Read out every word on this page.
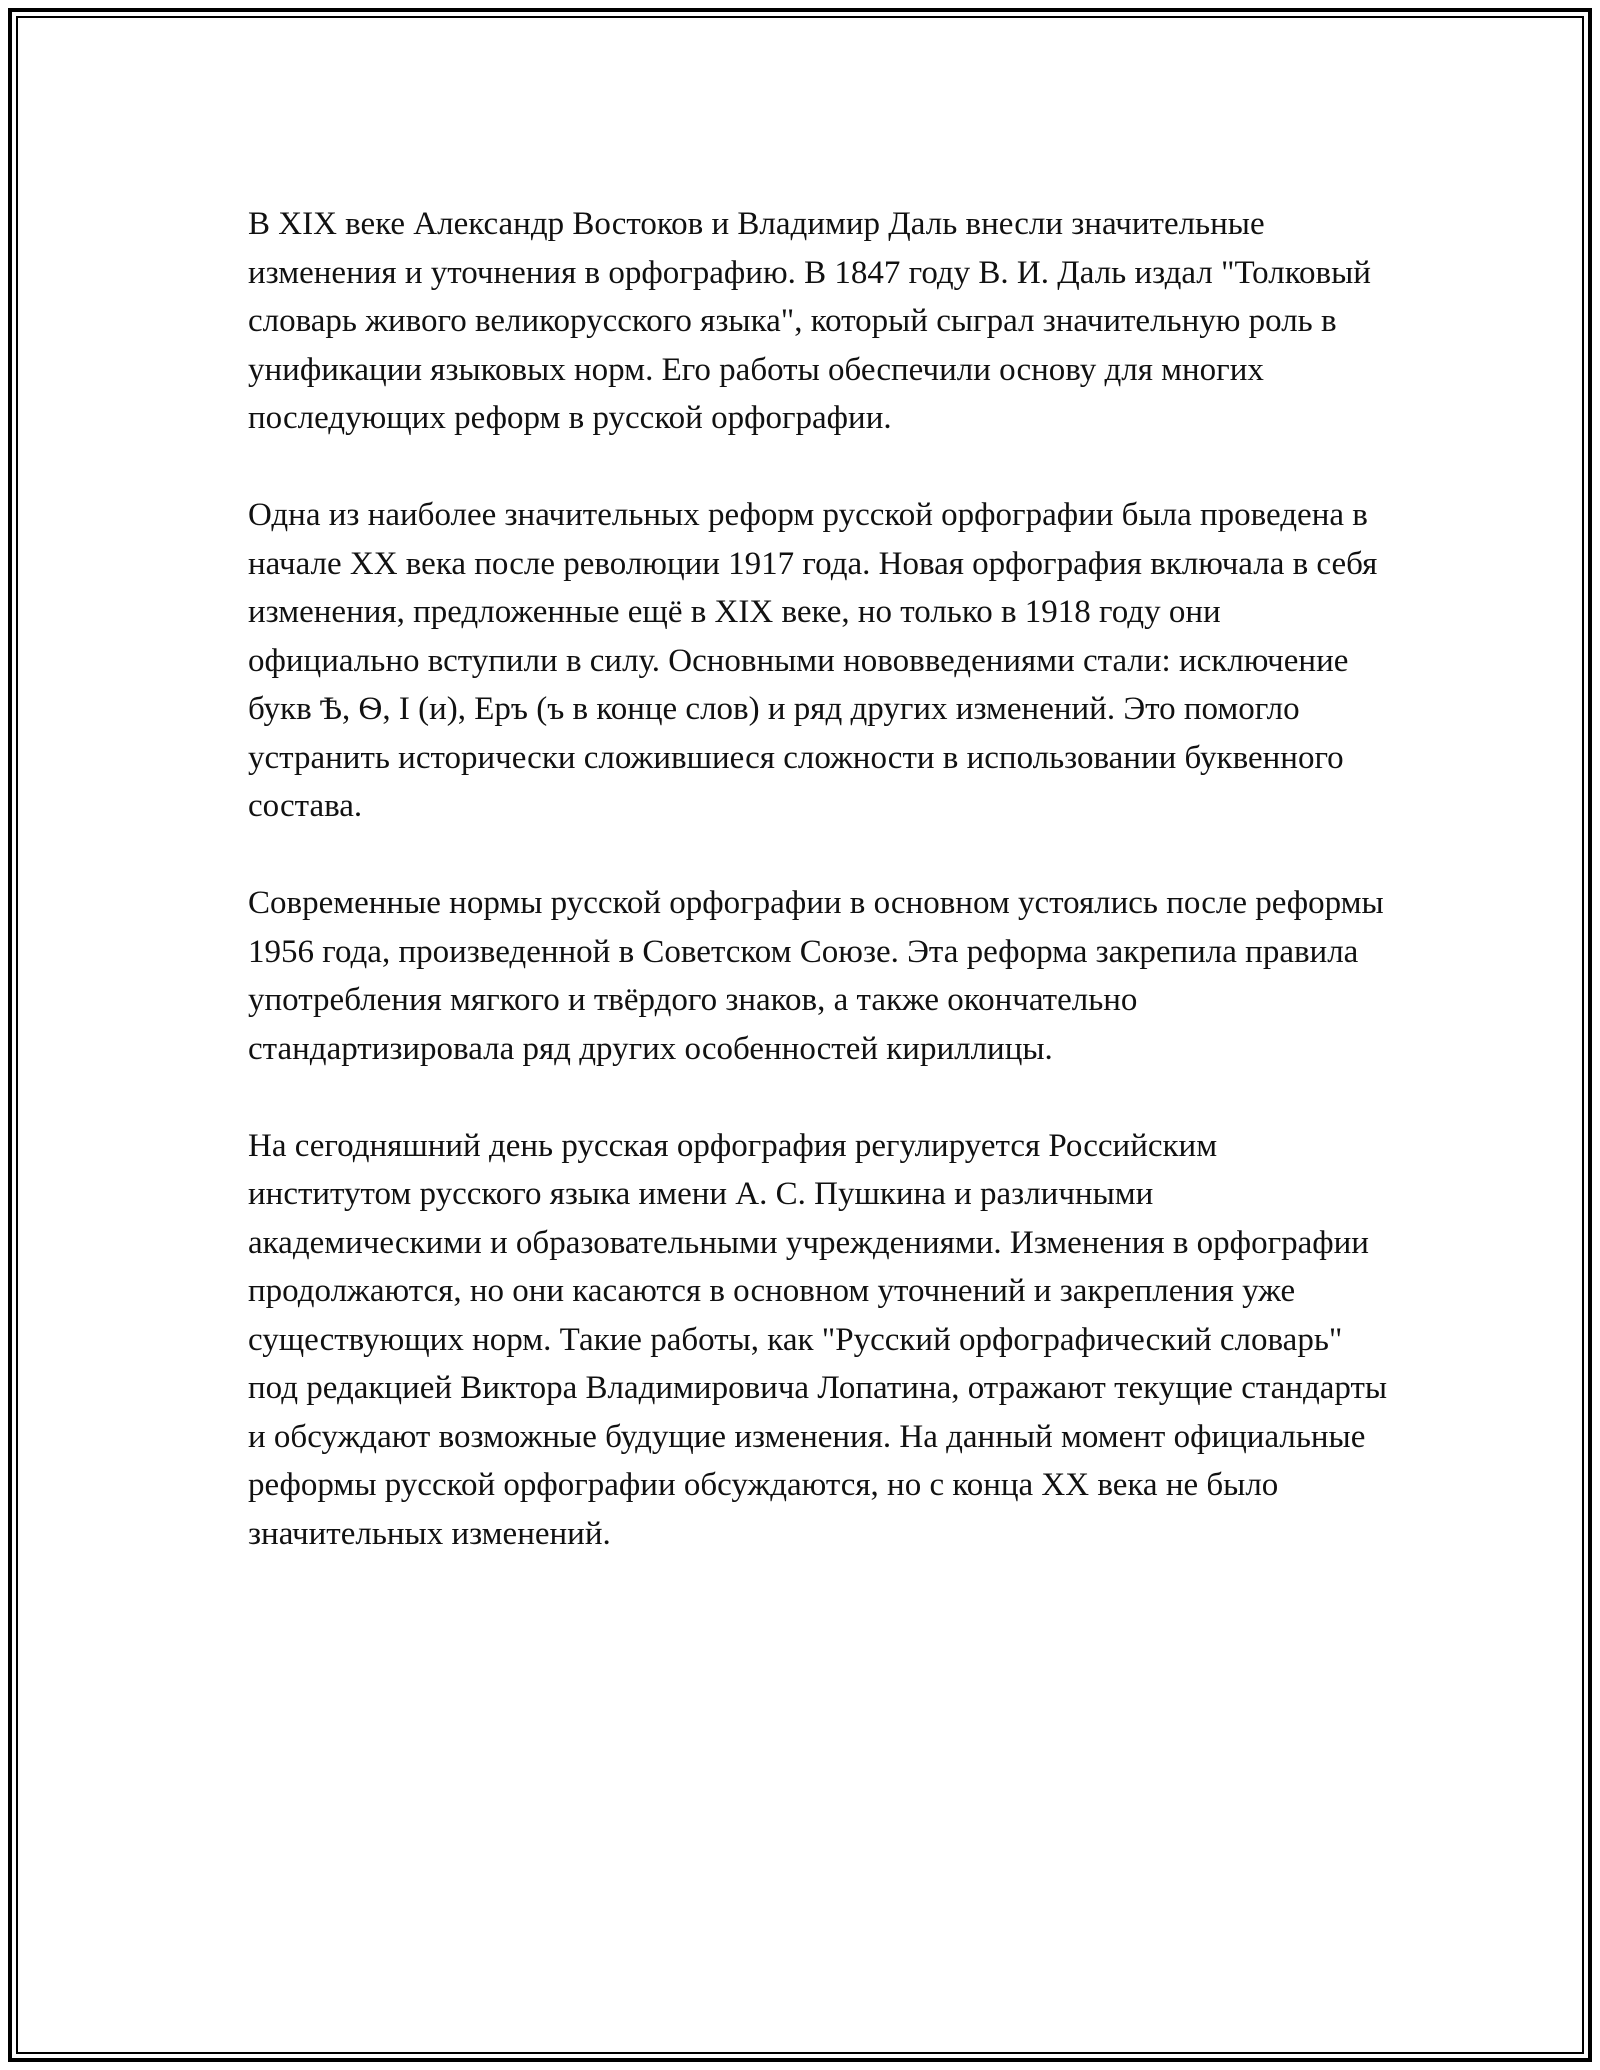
В XIX веке Александр Востоков и Владимир Даль внесли значительные изменения и уточнения в орфографию. В 1847 году В. И. Даль издал "Толковый словарь живого великорусского языка", который сыграл значительную роль в унификации языковых норм. Его работы обеспечили основу для многих последующих реформ в русской орфографии.

Одна из наиболее значительных реформ русской орфографии была проведена в начале XX века после революции 1917 года. Новая орфография включала в себя изменения, предложенные ещё в XIX веке, но только в 1918 году они официально вступили в силу. Основными нововведениями стали: исключение букв Ѣ, Ѳ, І (и), Еръ (ъ в конце слов) и ряд других изменений. Это помогло устранить исторически сложившиеся сложности в использовании буквенного состава.

Современные нормы русской орфографии в основном устоялись после реформы 1956 года, произведенной в Советском Союзе. Эта реформа закрепила правила употребления мягкого и твёрдого знаков, а также окончательно стандартизировала ряд других особенностей кириллицы.

На сегодняшний день русская орфография регулируется Российским институтом русского языка имени А. С. Пушкина и различными академическими и образовательными учреждениями. Изменения в орфографии продолжаются, но они касаются в основном уточнений и закрепления уже существующих норм. Такие работы, как "Русский орфографический словарь" под редакцией Виктора Владимировича Лопатина, отражают текущие стандарты и обсуждают возможные будущие изменения. На данный момент официальные реформы русской орфографии обсуждаются, но с конца XX века не было значительных изменений.
